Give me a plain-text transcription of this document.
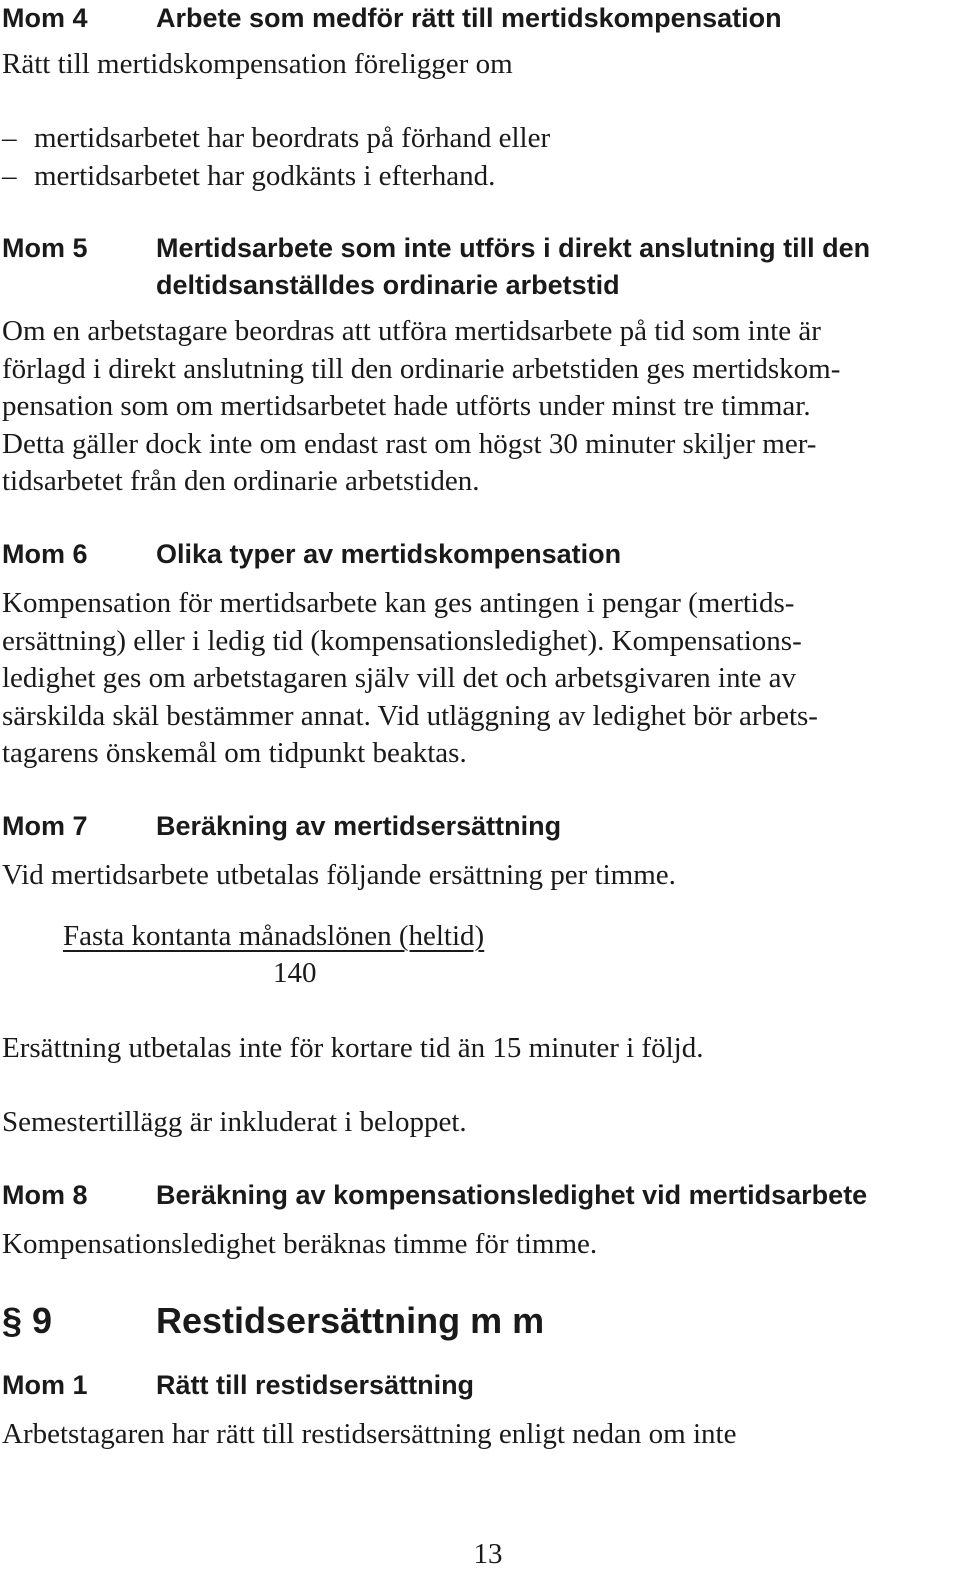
Mom 4	Arbete som medför rätt till mertidskompensation
Rätt till mertidskompensation föreligger om
– mertidsarbetet har beordrats på förhand eller
– mertidsarbetet har godkänts i efterhand.
Mom 5	Mertidsarbete som inte utförs i direkt anslutning till den
deltidsanställdes ordinarie arbetstid
Om en arbetstagare beordras att utföra mertidsarbete på tid som inte är
förlagd i direkt anslutning till den ordinarie arbetstiden ges mertidskom-
pensation som om mertidsarbetet hade utförts under minst tre timmar.
Detta gäller dock inte om endast rast om högst 30 minuter skiljer mer-
tidsarbetet från den ordinarie arbetstiden.
Mom 6	Olika typer av mertidskompensation
Kompensation för mertidsarbete kan ges antingen i pengar (mertids-
ersättning) eller i ledig tid (kompensationsledighet). Kompensations-
ledighet ges om arbetstagaren själv vill det och arbetsgivaren inte av
särskilda skäl bestämmer annat. Vid utläggning av ledighet bör arbets-
tagarens önskemål om tidpunkt beaktas.
Mom 7	Beräkning av mertidsersättning
Vid mertidsarbete utbetalas följande ersättning per timme.
Fasta kontanta månadslönen (heltid)
140
Ersättning utbetalas inte för kortare tid än 15 minuter i följd.
Semestertillägg är inkluderat i beloppet.
Mom 8	Beräkning av kompensationsledighet vid mertidsarbete
Kompensationsledighet beräknas timme för timme.
§ 9	Restidsersättning m m
Mom 1	Rätt till restidsersättning
Arbetstagaren har rätt till restidsersättning enligt nedan om inte
13
